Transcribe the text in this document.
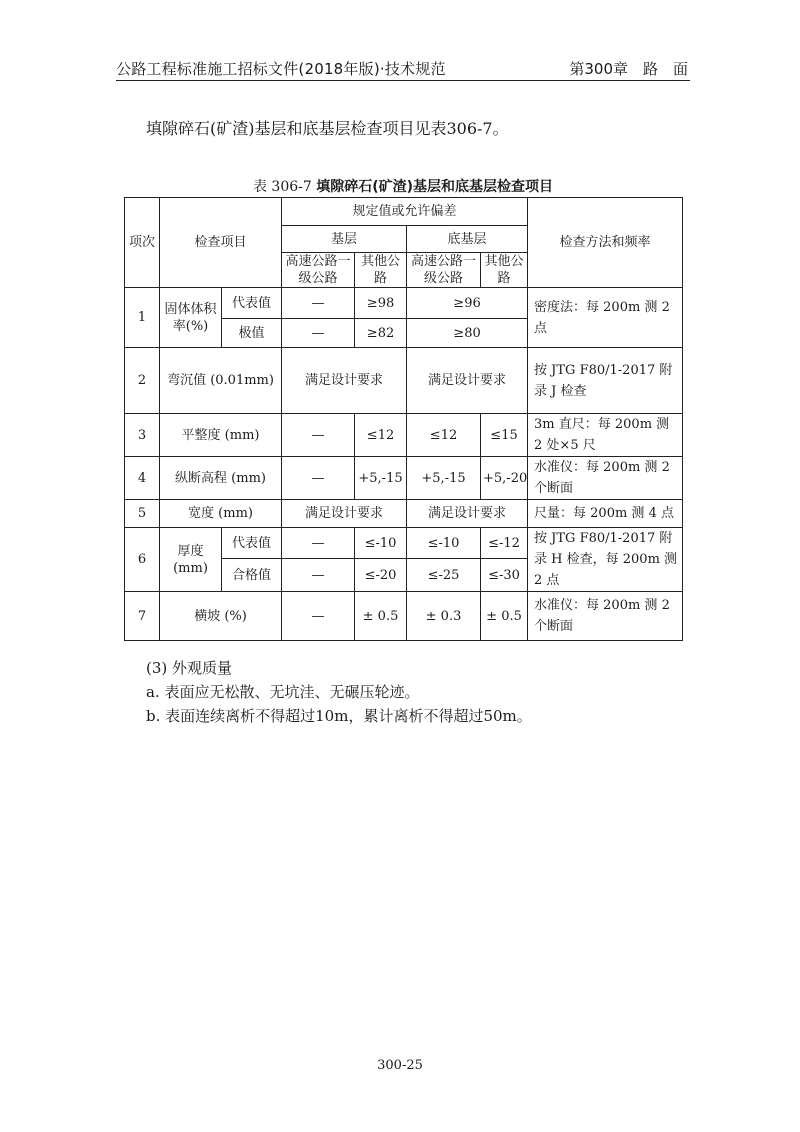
公路工程标准施工招标文件(2018年版)·技术规范	第300章　路　面
填隙碎石(矿渣)基层和底基层检查项目见表306-7。
表 306-7 填隙碎石(矿渣)基层和底基层检查项目
项次	检查项目		规定值或允许偏差				检查方法和频率
			基层		底基层		
			高速公路一级公路	其他公路	高速公路一级公路	其他公路	
1	固体体积率(%)	代表值	—	≥98	≥96		密度法：每 200m 测 2 点
		极值	—	≥82	≥80		
2	弯沉值 (0.01mm)		满足设计要求		满足设计要求		按 JTG F80/1-2017 附录 J 检查
3	平整度 (mm)		—	≤12	≤12	≤15	3m 直尺：每 200m 测 2 处×5 尺
4	纵断高程 (mm)		—	+5,-15	+5,-15	+5,-20	水准仪：每 200m 测 2 个断面
5	宽度 (mm)		满足设计要求		满足设计要求		尺量：每 200m 测 4 点
6	厚度(mm)	代表值	—	≤-10	≤-10	≤-12	按 JTG F80/1-2017 附录 H 检查，每 200m 测 2 点
		合格值	—	≤-20	≤-25	≤-30	
7	横坡 (%)		—	± 0.5	± 0.3	± 0.5	水准仪：每 200m 测 2 个断面
(3) 外观质量
a. 表面应无松散、无坑洼、无碾压轮迹。
b. 表面连续离析不得超过10m，累计离析不得超过50m。
300-25
